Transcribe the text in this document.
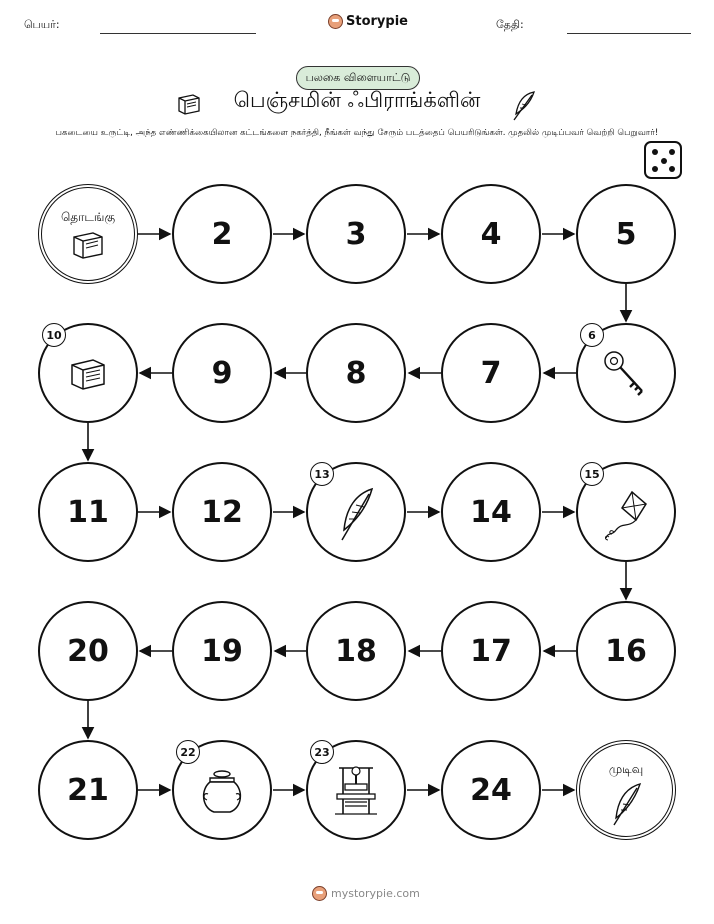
பெயர்:	Storypie	தேதி:
பலகை விளையாட்டு
பெஞ்சமின் ஃபிராங்க்ளின்
பகடையை உருட்டி, அந்த எண்ணிக்கையிலான கட்டங்களை நகர்த்தி, நீங்கள் வந்து சேரும் படத்தைப் பெயரிடுங்கள். முதலில் முடிப்பவர் வெற்றி பெறுவார்!
தொடங்கு	2	3	4	5
6
7
8
9
10
11	12
13
14
15
16
17
18
19
20
21
22	23
24
முடிவு
mystorypie.com
